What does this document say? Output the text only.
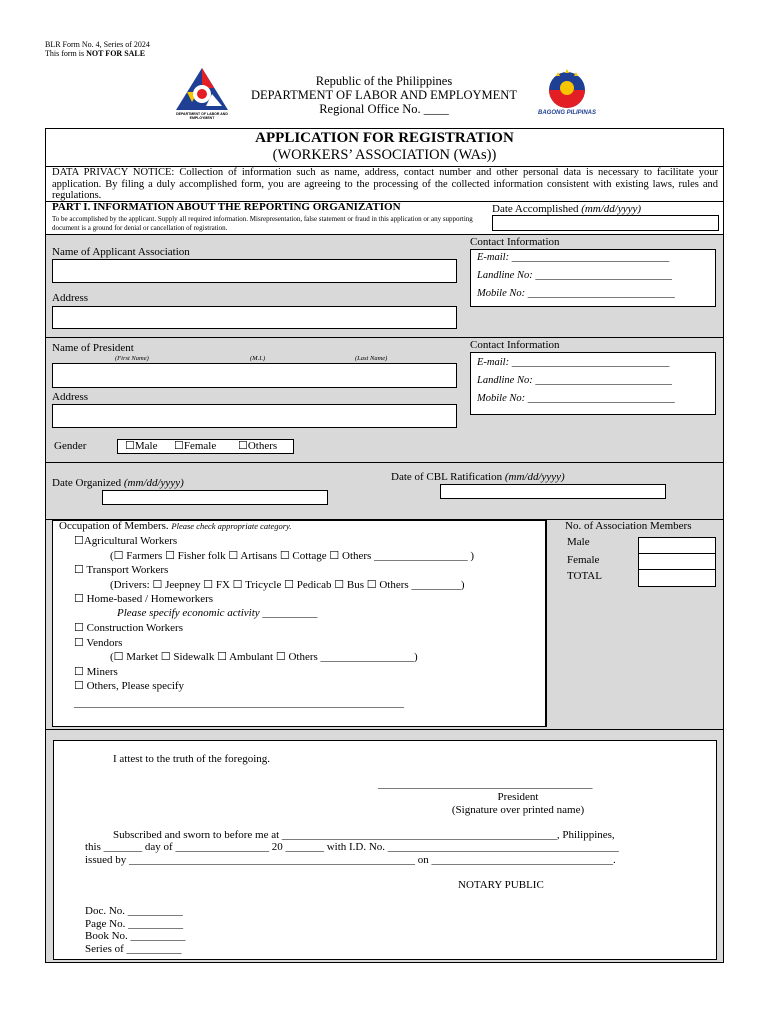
BLR Form No. 4, Series of 2024
This form is NOT FOR SALE
DEPARTMENT OF LABOR AND EMPLOYMENT
Republic of the Philippines
DEPARTMENT OF LABOR AND EMPLOYMENT
Regional Office No. ____	BAGONG PILIPINAS
APPLICATION FOR REGISTRATION
(WORKERS’ ASSOCIATION (WAs))
DATA PRIVACY NOTICE: Collection of information such as name, address, contact number and other personal data is necessary to facilitate your application. By filing a duly accomplished form, you are agreeing to the processing of the collected information consistent with existing laws, rules and regulations.
PART I. INFORMATION ABOUT THE REPORTING ORGANIZATION
To be accomplished by the applicant. Supply all required information. Misrepresentation, false statement or fraud in this application or any supporting document is a ground for denial or cancellation of registration.
Date Accomplished (mm/dd/yyyy)
Name of Applicant Association
Address
Contact Information
E-mail: ______________________________
Landline No: __________________________
Mobile No: ____________________________
Name of President
(First Name)	(M.I.)	(Last Name)
Address
Contact Information
E-mail: ______________________________
Landline No: __________________________
Mobile No: ____________________________
Gender	☐Male ☐Female ☐Others
Date Organized (mm/dd/yyyy)	Date of CBL Ratification (mm/dd/yyyy)
Occupation of Members. Please check appropriate category.
☐Agricultural Workers
(☐ Farmers ☐ Fisher folk ☐ Artisans ☐ Cottage ☐ Others _________________ )
☐ Transport Workers
(Drivers: ☐ Jeepney ☐ FX ☐ Tricycle ☐ Pedicab ☐ Bus ☐ Others _________)
☐ Home-based / Homeworkers
Please specify economic activity __________
☐ Construction Workers
☐ Vendors
(☐ Market ☐ Sidewalk ☐ Ambulant ☐ Others _________________)
☐ Miners
☐ Others, Please specify
____________________________________________________________
No. of Association Members
Male
Female
TOTAL
I attest to the truth of the foregoing.
_______________________________________
President
(Signature over printed name)
Subscribed and sworn to before me at __________________________________________________, Philippines,
this _______ day of _________________ 20 _______ with I.D. No. __________________________________________
issued by ____________________________________________________ on _________________________________.
NOTARY PUBLIC
Doc. No. __________
Page No. __________
Book No. __________
Series of __________
